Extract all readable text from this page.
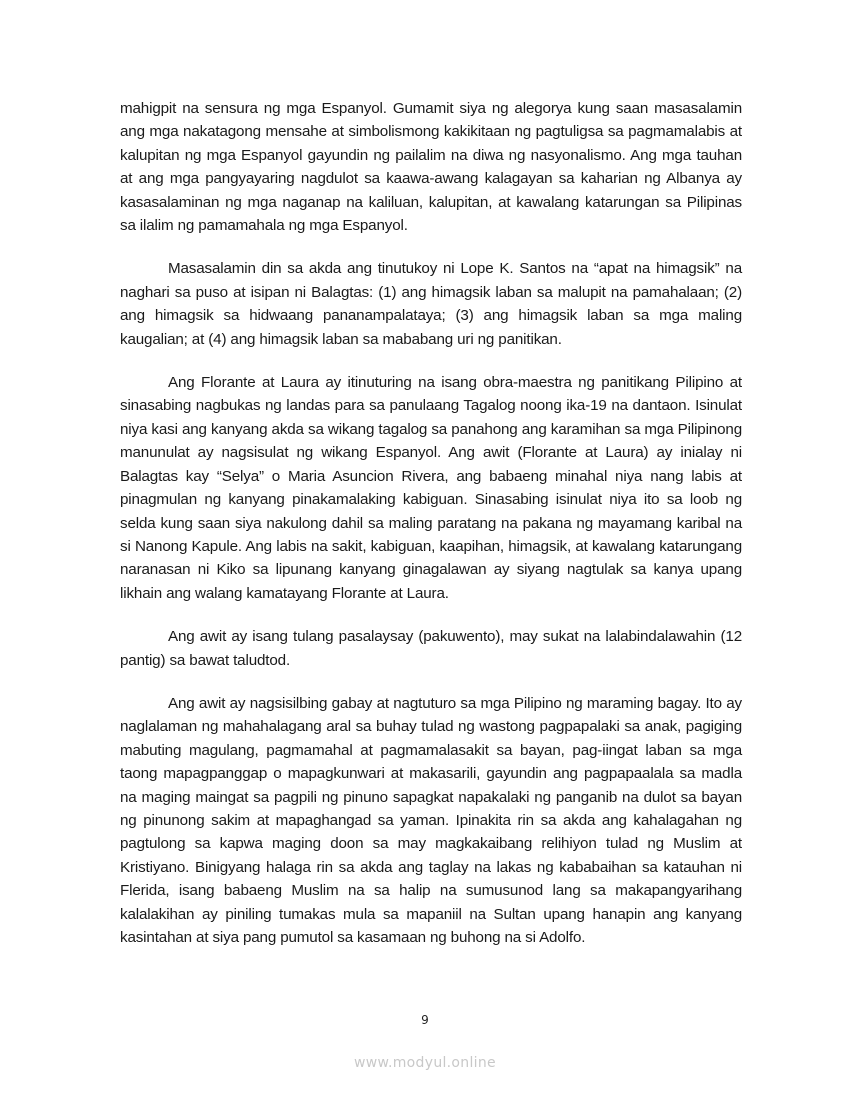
mahigpit na sensura ng mga Espanyol. Gumamit siya ng alegorya kung saan masasalamin ang mga nakatagong mensahe at simbolismong kakikitaan ng pagtuligsa sa pagmamalabis at kalupitan ng mga Espanyol gayundin ng pailalim na diwa ng nasyonalismo. Ang mga tauhan at ang mga pangyayaring nagdulot sa kaawa-awang kalagayan sa kaharian ng Albanya ay kasasalaminan ng mga naganap na kaliluan, kalupitan, at kawalang katarungan sa Pilipinas sa ilalim ng pamamahala ng mga Espanyol.

Masasalamin din sa akda ang tinutukoy ni Lope K. Santos na “apat na himagsik” na naghari sa puso at isipan ni Balagtas: (1) ang himagsik laban sa malupit na pamahalaan; (2) ang himagsik sa hidwaang pananampalataya; (3) ang himagsik laban sa mga maling kaugalian; at (4) ang himagsik laban sa mababang uri ng panitikan.

Ang Florante at Laura ay itinuturing na isang obra-maestra ng panitikang Pilipino at sinasabing nagbukas ng landas para sa panulaang Tagalog noong ika-19 na dantaon. Isinulat niya kasi ang kanyang akda sa wikang tagalog sa panahong ang karamihan sa mga Pilipinong manunulat ay nagsisulat ng wikang Espanyol. Ang awit (Florante at Laura) ay inialay ni Balagtas kay “Selya” o Maria Asuncion Rivera, ang babaeng minahal niya nang labis at pinagmulan ng kanyang pinakamalaking kabiguan. Sinasabing isinulat niya ito sa loob ng selda kung saan siya nakulong dahil sa maling paratang na pakana ng mayamang karibal na si Nanong Kapule. Ang labis na sakit, kabiguan, kaapihan, himagsik, at kawalang katarungang naranasan ni Kiko sa lipunang kanyang ginagalawan ay siyang nagtulak sa kanya upang likhain ang walang kamatayang Florante at Laura.

Ang awit ay isang tulang pasalaysay (pakuwento), may sukat na lalabindalawahin (12 pantig) sa bawat taludtod.

Ang awit ay nagsisilbing gabay at nagtuturo sa mga Pilipino ng maraming bagay. Ito ay naglalaman ng mahahalagang aral sa buhay tulad ng wastong pagpapalaki sa anak, pagiging mabuting magulang, pagmamahal at pagmamalasakit sa bayan, pag-iingat laban sa mga taong mapagpanggap o mapagkunwari at makasarili, gayundin ang pagpapaalala sa madla na maging maingat sa pagpili ng pinuno sapagkat napakalaki ng panganib na dulot sa bayan ng pinunong sakim at mapaghangad sa yaman. Ipinakita rin sa akda ang kahalagahan ng pagtulong sa kapwa maging doon sa may magkakaibang relihiyon tulad ng Muslim at Kristiyano. Binigyang halaga rin sa akda ang taglay na lakas ng kababaihan sa katauhan ni Flerida, isang babaeng Muslim na sa halip na sumusunod lang sa makapangyarihang kalalakihan ay piniling tumakas mula sa mapaniil na Sultan upang hanapin ang kanyang kasintahan at siya pang pumutol sa kasamaan ng buhong na si Adolfo.

9
www.modyul.online
